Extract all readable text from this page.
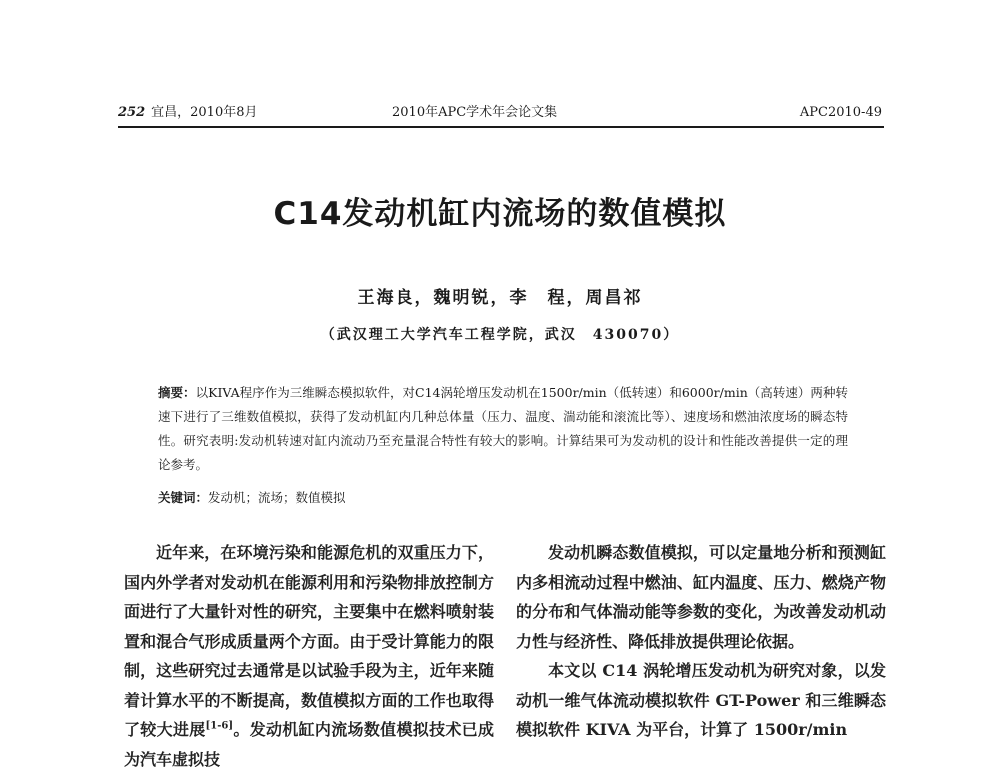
252 宜昌，2010年8月	2010年APC学术年会论文集	APC2010-49
C14发动机缸内流场的数值模拟
王海良，魏明锐，李　程，周昌祁
（武汉理工大学汽车工程学院，武汉　430070）
摘要：以KIVA程序作为三维瞬态模拟软件，对C14涡轮增压发动机在1500r/min（低转速）和6000r/min（高转速）两种转速下进行了三维数值模拟，获得了发动机缸内几种总体量（压力、温度、湍动能和滚流比等）、速度场和燃油浓度场的瞬态特性。研究表明:发动机转速对缸内流动乃至充量混合特性有较大的影响。计算结果可为发动机的设计和性能改善提供一定的理论参考。
关键词：发动机；流场；数值模拟

近年来，在环境污染和能源危机的双重压力下，国内外学者对发动机在能源利用和污染物排放控制方面进行了大量针对性的研究，主要集中在燃料喷射装置和混合气形成质量两个方面。由于受计算能力的限制，这些研究过去通常是以试验手段为主，近年来随着计算水平的不断提高，数值模拟方面的工作也取得了较大进展[1-6]。发动机缸内流场数值模拟技术已成为汽车虚拟技

发动机瞬态数值模拟，可以定量地分析和预测缸内多相流动过程中燃油、缸内温度、压力、燃烧产物的分布和气体湍动能等参数的变化，为改善发动机动力性与经济性、降低排放提供理论依据。

本文以 C14 涡轮增压发动机为研究对象，以发动机一维气体流动模拟软件 GT-Power 和三维瞬态模拟软件 KIVA 为平台，计算了 1500r/min
